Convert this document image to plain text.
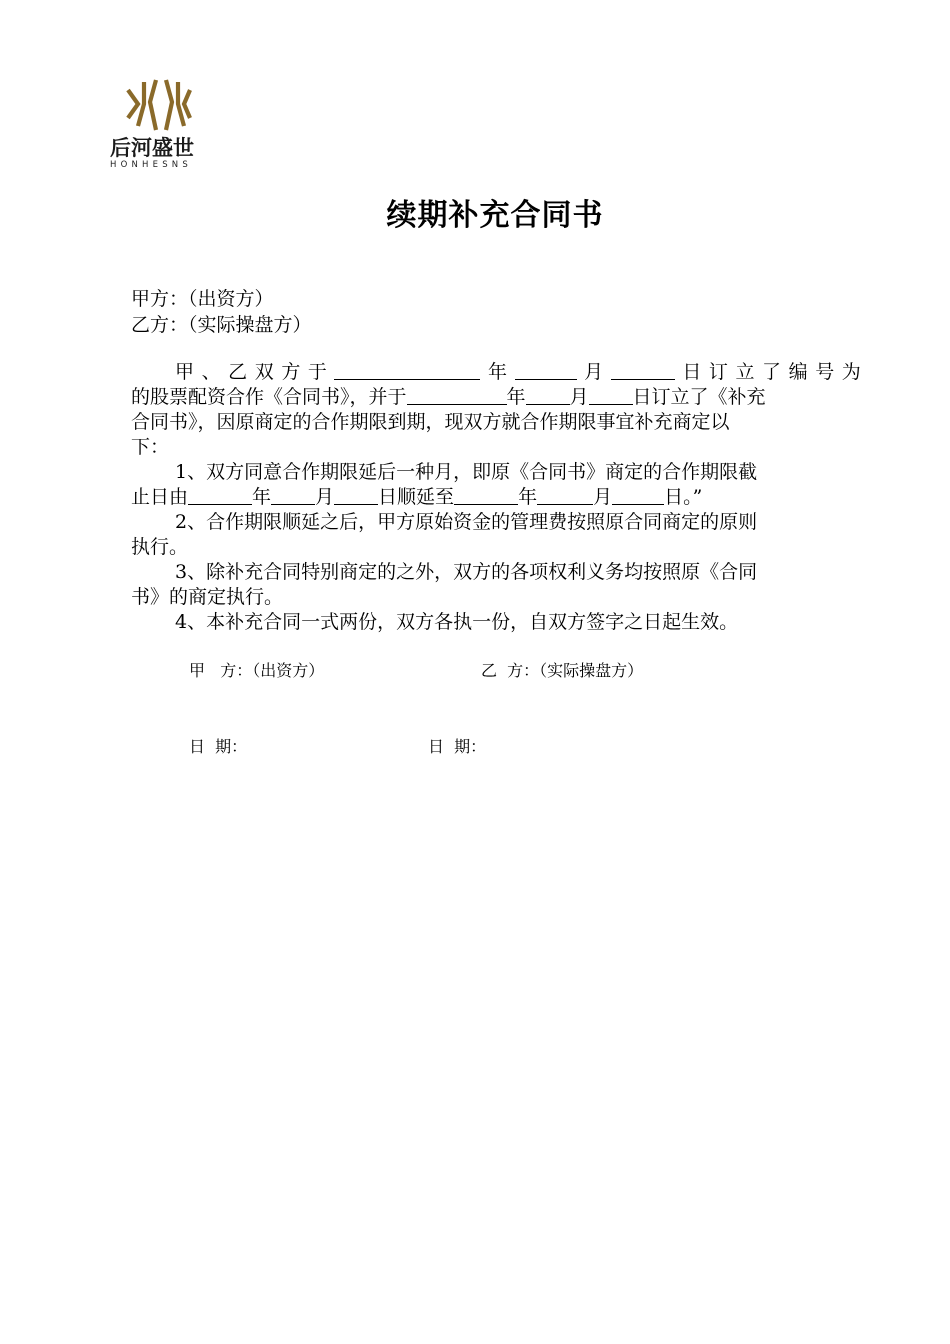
后河盛世
HONHESNS
续期补充合同书
甲方：（出资方）
乙方：（实际操盘方）
甲 、 乙 双 方 于	年	月	日 订 立 了 编 号 为
的股票配资合作《合同书》，并于	年 月 日订立了《补充
合同书》，因原商定的合作期限到期，现双方就合作期限事宜补充商定以
下：
1、双方同意合作期限延后一种月，即原《合同书》商定的合作期限截
止日由	年 月 日顺延至	年	月	日。”
2、合作期限顺延之后，甲方原始资金的管理费按照原合同商定的原则
执行。
3、除补充合同特别商定的之外，双方的各项权利义务均按照原《合同
书》的商定执行。
4、本补充合同一式两份，双方各执一份，自双方签字之日起生效。
甲   方：（出资方）	乙  方：（实际操盘方）
日  期：	日  期：
